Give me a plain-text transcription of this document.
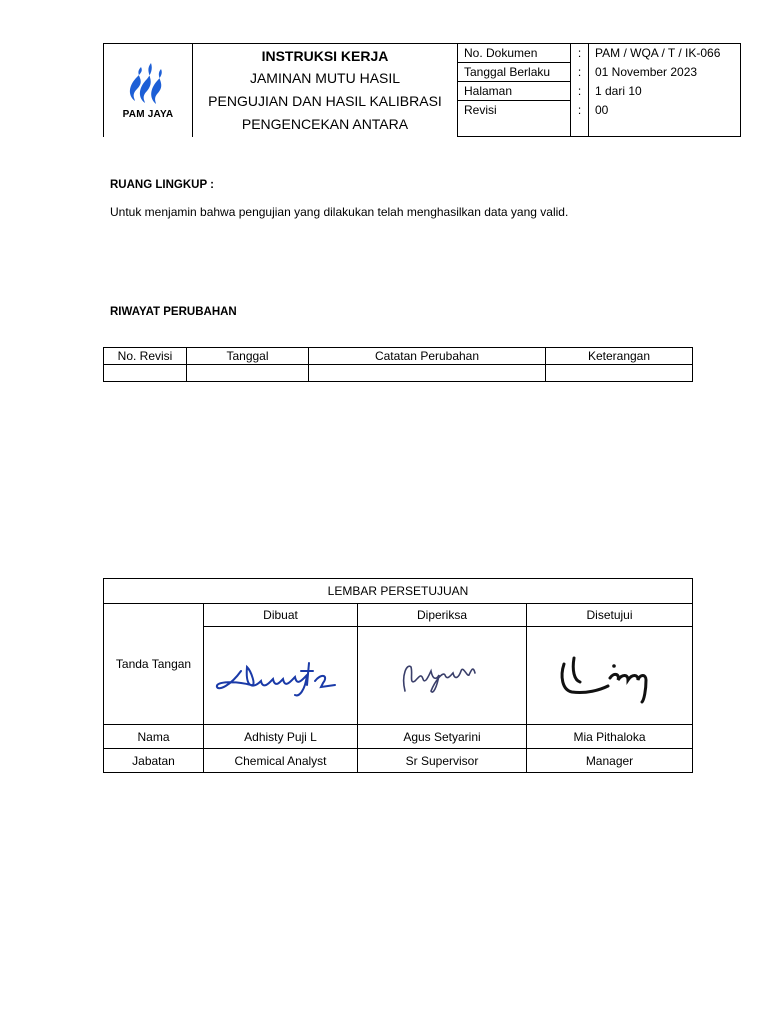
PAM JAYA	INSTRUKSI KERJA
JAMINAN MUTU HASIL
PENGUJIAN DAN HASIL KALIBRASI
PENGENCEKAN ANTARA	No. Dokumen	:	PAM / WQA / T / IK-066
		Tanggal Berlaku	:	01 November 2023
		Halaman	:	1 dari 10
		Revisi	:	00
RUANG LINGKUP :
Untuk menjamin bahwa pengujian yang dilakukan telah menghasilkan data yang valid.
RIWAYAT PERUBAHAN
No. Revisi	Tanggal	Catatan Perubahan	Keterangan

LEMBAR PERSETUJUAN			
Tanda Tangan	Dibuat	Diperiksa	Disetujui

Nama	Adhisty Puji L	Agus Setyarini	Mia Pithaloka
Jabatan	Chemical Analyst	Sr Supervisor	Manager
